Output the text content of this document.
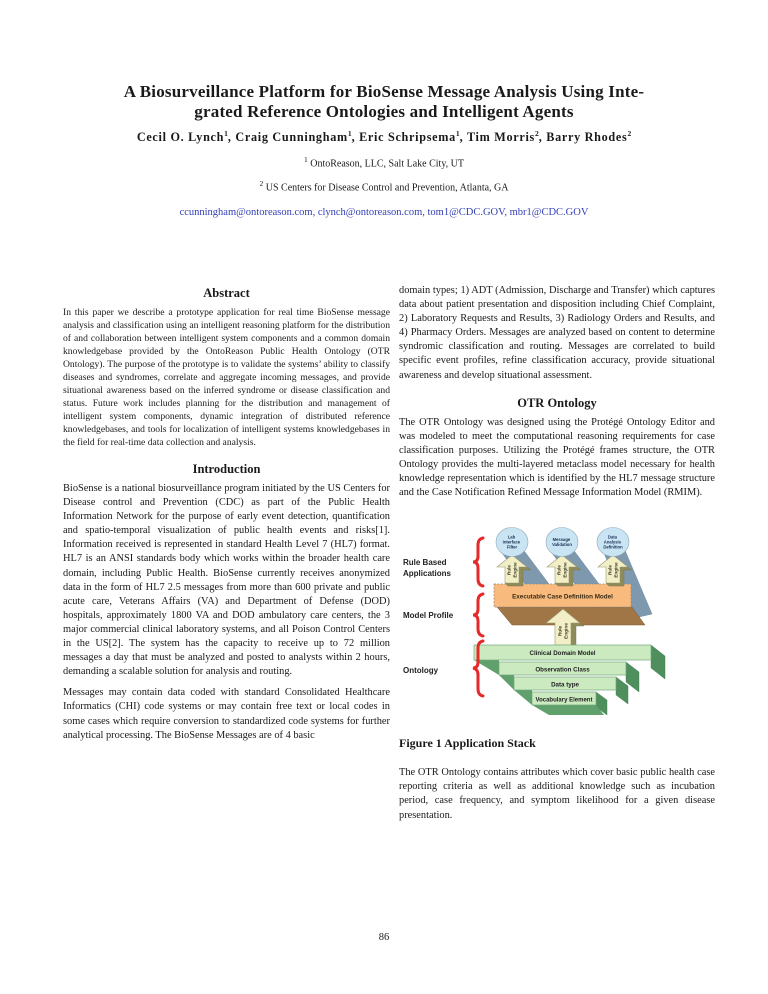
A Biosurveillance Platform for BioSense Message Analysis Using Inte-
grated Reference Ontologies and Intelligent Agents
Cecil O. Lynch$^1$, Craig Cunningham$^1$, Eric Schripsema$^1$, Tim Morris$^2$, Barry Rhodes$^2$
$^1$ OntoReason, LLC, Salt Lake City, UT
$^2$ US Centers for Disease Control and Prevention, Atlanta, GA
ccunningham@ontoreason.com, clynch@ontoreason.com, tom1@CDC.GOV, mbr1@CDC.GOV
Abstract

In this paper we describe a prototype application for real time BioSense message analysis and classification using an intelligent reasoning platform for the distribution of and collaboration between intelligent system components and a common domain knowledgebase provided by the OntoReason Public Health Ontology (OTR Ontology). The purpose of the prototype is to validate the systems’ ability to classify diseases and syndromes, correlate and aggregate incoming messages, and provide situational awareness based on the inferred syndrome or disease classification and status. Future work includes planning for the distribution and management of intelligent system components, dynamic integration of distributed reference knowledgebases, and tools for localization of intelligent systems knowledgebases in the field for real-time data collection and analysis.

Introduction

BioSense is a national biosurveillance program initiated by the US Centers for Disease control and Prevention (CDC) as part of the Public Health Information Network for the purpose of early event detection, quantification and spatio-temporal visualization of public health events and risks[1]. Information received is represented in standard Health Level 7 (HL7) format. HL7 is an ANSI standards body which works within the broader health care domain, including Public Health. BioSense currently receives anonymized data in the form of HL7 2.5 messages from more than 600 private and public acute care, Veterans Affairs (VA) and Department of Defense (DOD) hospitals, approximately 1800 VA and DOD ambulatory care centers, the 3 major commercial clinical laboratory systems, and all Poison Control Centers in the US[2]. The system has the capacity to receive up to 72 million messages a day that must be analyzed and posted to analysts within 2 hours, demanding a scalable solution for analysis and routing.

Messages may contain data coded with standard Consolidated Healthcare Informatics (CHI) code systems or may contain free text or local codes in some cases which require conversion to standardized code systems for further analytical processing. The BioSense Messages are of 4 basic

domain types; 1) ADT (Admission, Discharge and Transfer) which captures data about patient presentation and disposition including Chief Complaint, 2) Laboratory Requests and Results, 3) Radiology Orders and Results, and 4) Pharmacy Orders. Messages are analyzed based on content to determine syndromic classification and routing. Messages are correlated to build specific event profiles, refine classification accuracy, provide situational awareness and develop situational assessment.

OTR Ontology

The OTR Ontology was designed using the Protégé Ontology Editor and was modeled to meet the computational reasoning requirements for case classification purposes. Utilizing the Protégé frames structure, the OTR Ontology provides the multi-layered metaclass model necessary for health knowledge representation which is identified by the HL7 message structure and the Case Notification Refined Message Information Model (RMIM).

Rule Engine
Rule Engine	Rule Engine	Rule Engine
Lab Interface Filter
Message Validation
Data Analysis Definition
Executable Case Definition Model
Clinical Domain Model
Observation Class
Data type
Vocabulary Element
Rule Based Applications
Model Profile
Ontology
Figure 1 Application Stack

The OTR Ontology contains attributes which cover basic public health case reporting criteria as well as additional knowledge such as incubation period, case frequency, and symptom likelihood for a given disease presentation.

86
